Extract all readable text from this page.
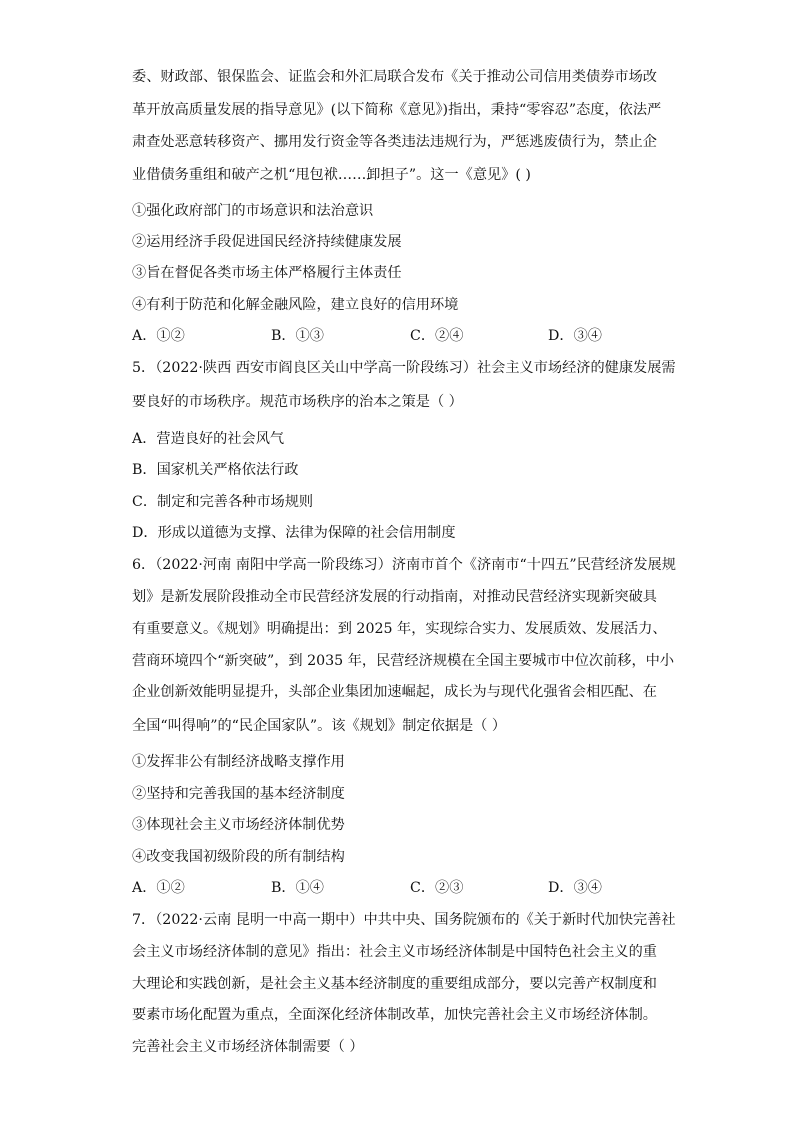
委、财政部、银保监会、证监会和外汇局联合发布《关于推动公司信用类债券市场改
革开放高质量发展的指导意见》(以下简称《意见》)指出，秉持“零容忍”态度，依法严
肃查处恶意转移资产、挪用发行资金等各类违法违规行为，严惩逃废债行为，禁止企
业借债务重组和破产之机“甩包袱……卸担子”。这一《意见》( )
①强化政府部门的市场意识和法治意识
②运用经济手段促进国民经济持续健康发展
③旨在督促各类市场主体严格履行主体责任
④有利于防范和化解金融风险，建立良好的信用环境
A．①②	B．①③	C．②④	D．③④
5．（2022·陕西 西安市阎良区关山中学高一阶段练习）社会主义市场经济的健康发展需
要良好的市场秩序。规范市场秩序的治本之策是（ ）
A．营造良好的社会风气
B．国家机关严格依法行政
C．制定和完善各种市场规则
D．形成以道德为支撑、法律为保障的社会信用制度
6．（2022·河南 南阳中学高一阶段练习）济南市首个《济南市“十四五”民营经济发展规
划》是新发展阶段推动全市民营经济发展的行动指南，对推动民营经济实现新突破具
有重要意义。《规划》明确提出：到 2025 年，实现综合实力、发展质效、发展活力、
营商环境四个“新突破”，到 2035 年，民营经济规模在全国主要城市中位次前移，中小
企业创新效能明显提升，头部企业集团加速崛起，成长为与现代化强省会相匹配、在
全国“叫得响”的“民企国家队”。该《规划》制定依据是（ ）
①发挥非公有制经济战略支撑作用
②坚持和完善我国的基本经济制度
③体现社会主义市场经济体制优势
④改变我国初级阶段的所有制结构
A．①②	B．①④	C．②③	D．③④
7．（2022·云南 昆明一中高一期中）中共中央、国务院颁布的《关于新时代加快完善社
会主义市场经济体制的意见》指出：社会主义市场经济体制是中国特色社会主义的重
大理论和实践创新，是社会主义基本经济制度的重要组成部分，要以完善产权制度和
要素市场化配置为重点，全面深化经济体制改革，加快完善社会主义市场经济体制。
完善社会主义市场经济体制需要（ ）
